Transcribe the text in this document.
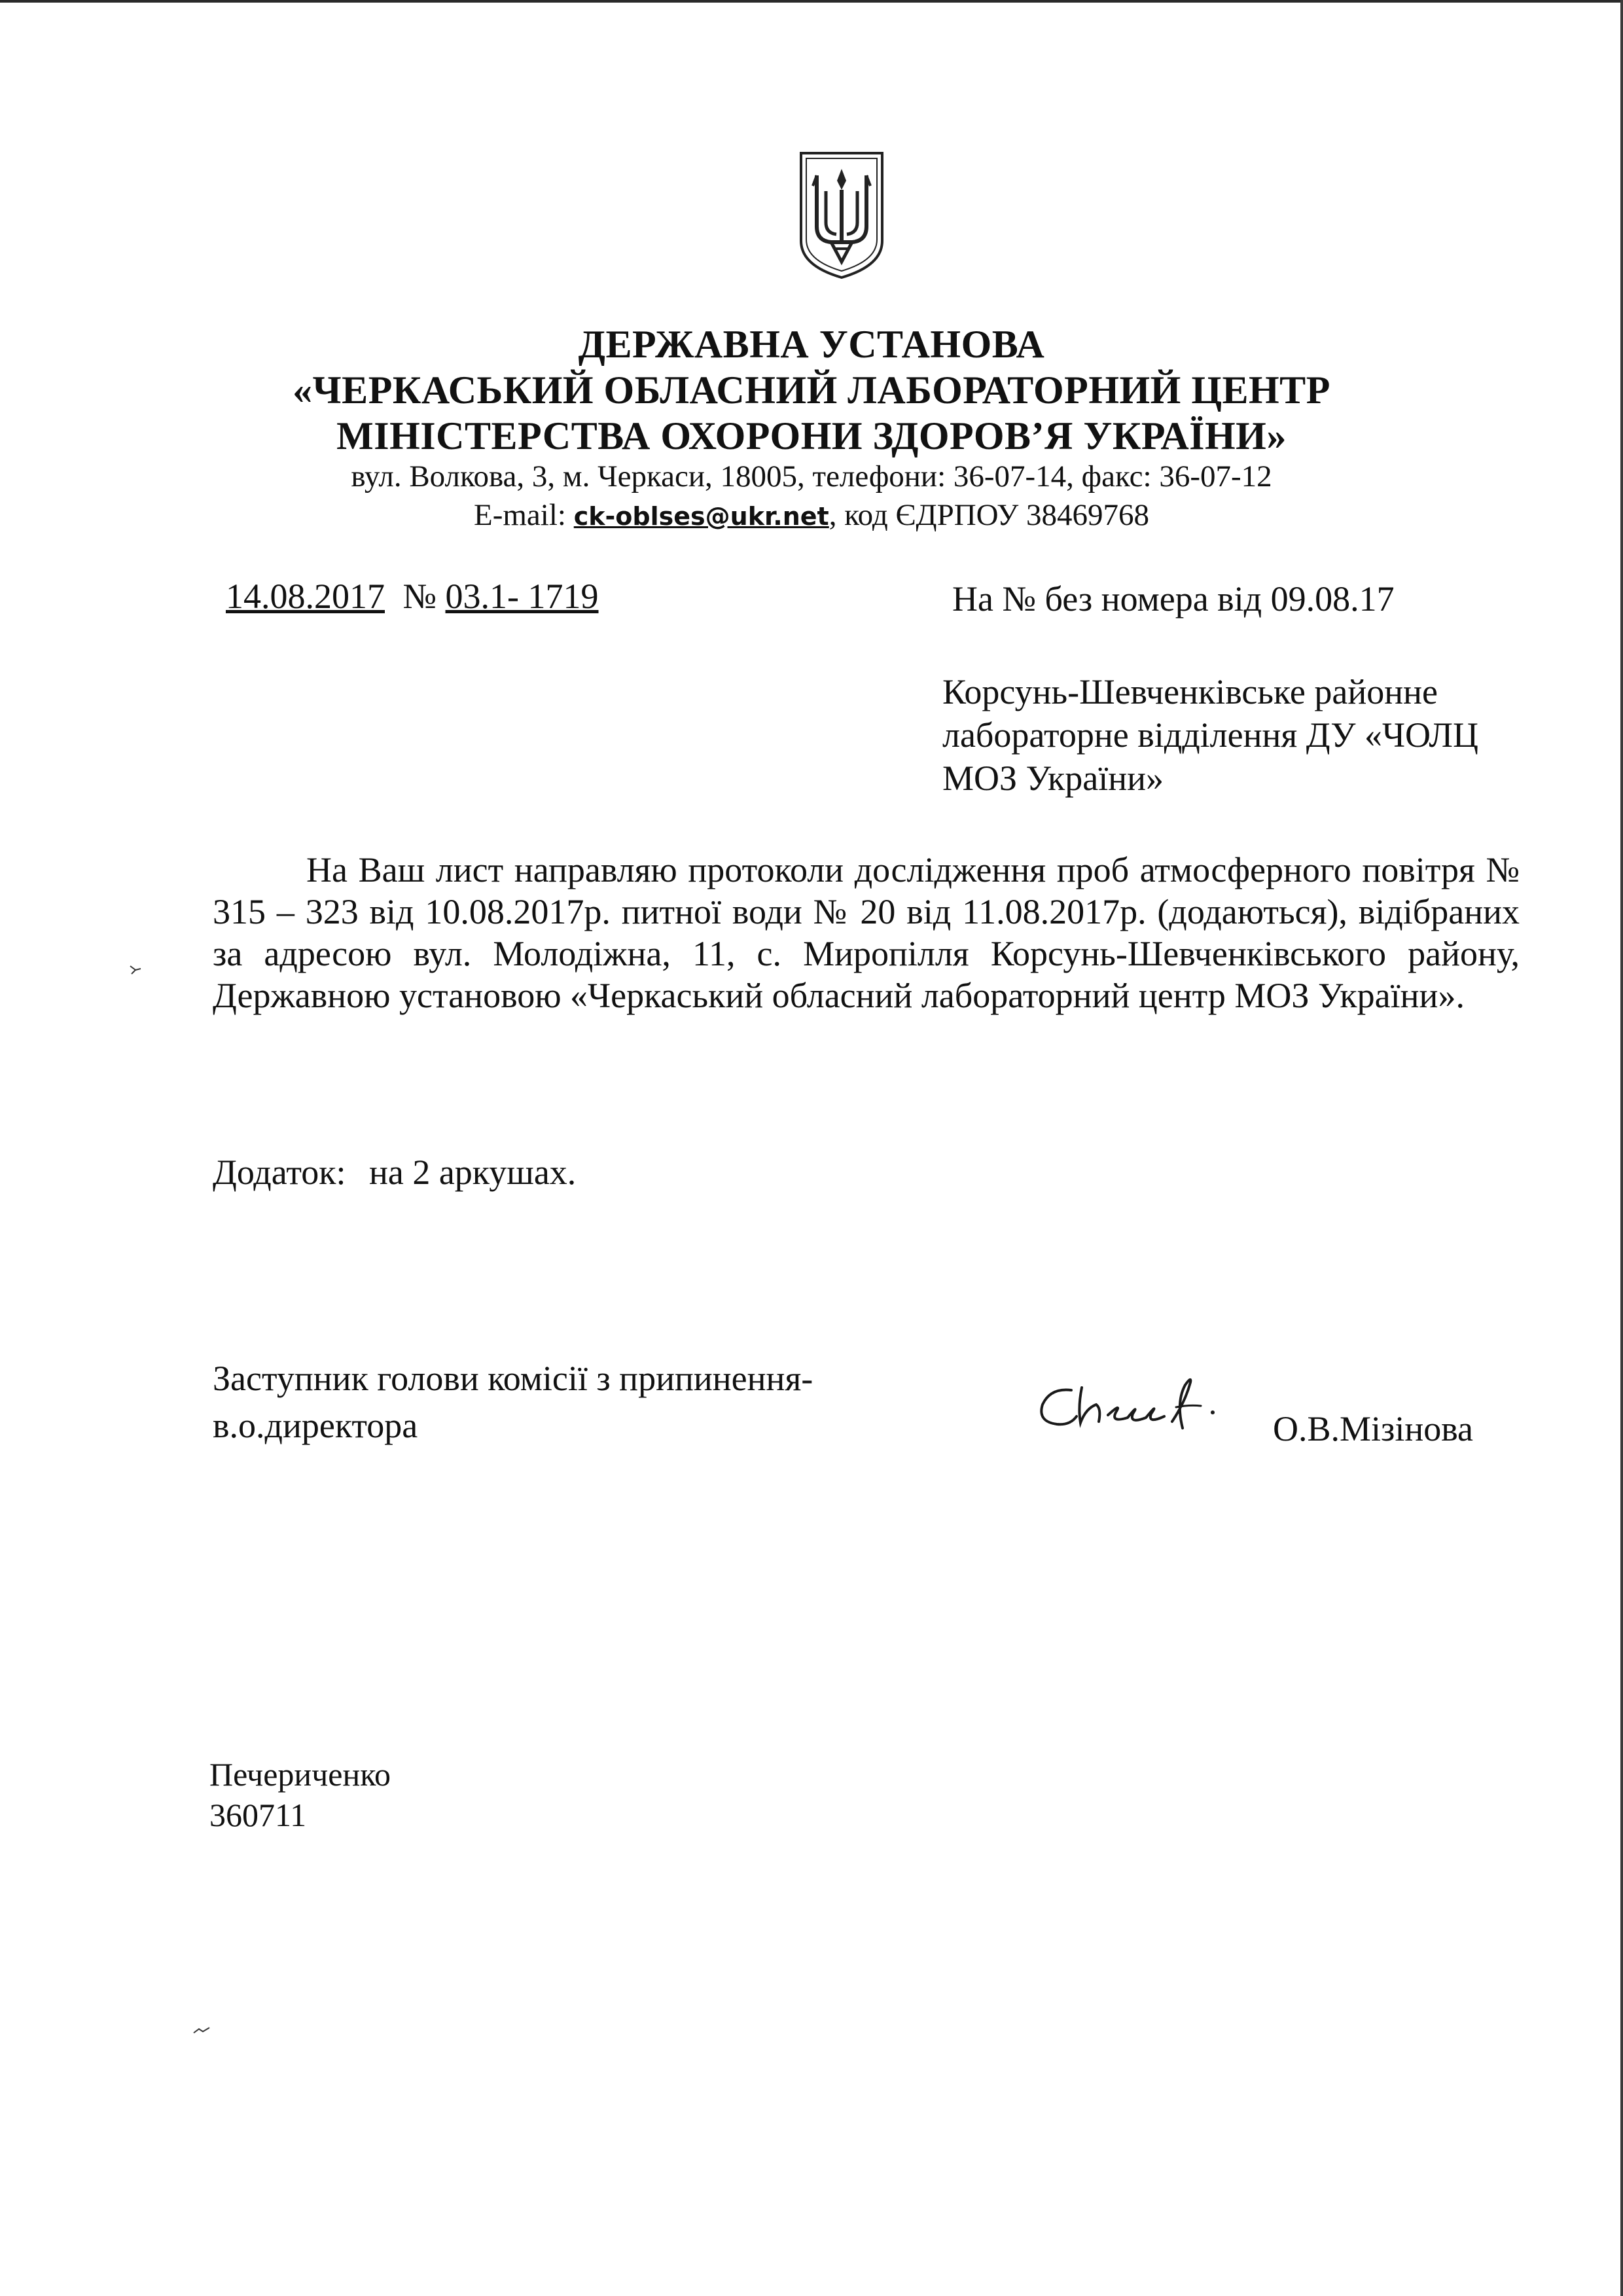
ДЕРЖАВНА УСТАНОВА
«ЧЕРКАСЬКИЙ ОБЛАСНИЙ ЛАБОРАТОРНИЙ ЦЕНТР
МІНІСТЕРСТВА ОХОРОНИ ЗДОРОВ’Я УКРАЇНИ»
вул. Волкова, 3, м. Черкаси, 18005, телефони: 36-07-14, факс: 36-07-12
E-mail: ck-oblses@ukr.net, код ЄДРПОУ 38469768
14.08.2017 № 03.1- 1719	На № без номера від 09.08.17
Корсунь-Шевченківське районне
лабораторне відділення ДУ «ЧОЛЦ
МОЗ України»
На Ваш лист направляю протоколи дослідження проб атмосферного повітря № 315 – 323 від 10.08.2017р. питної води № 20 від 11.08.2017р. (додаються), відібраних за адресою вул. Молодіжна, 11, с. Миропілля Корсунь-Шевченківського району, Державною установою «Черкаський обласний лабораторний центр МОЗ України».
Додаток: на 2 аркушах.
Заступник голови комісії з припинення-
в.о.директора	О.В.Мізінова
Печериченко
360711
